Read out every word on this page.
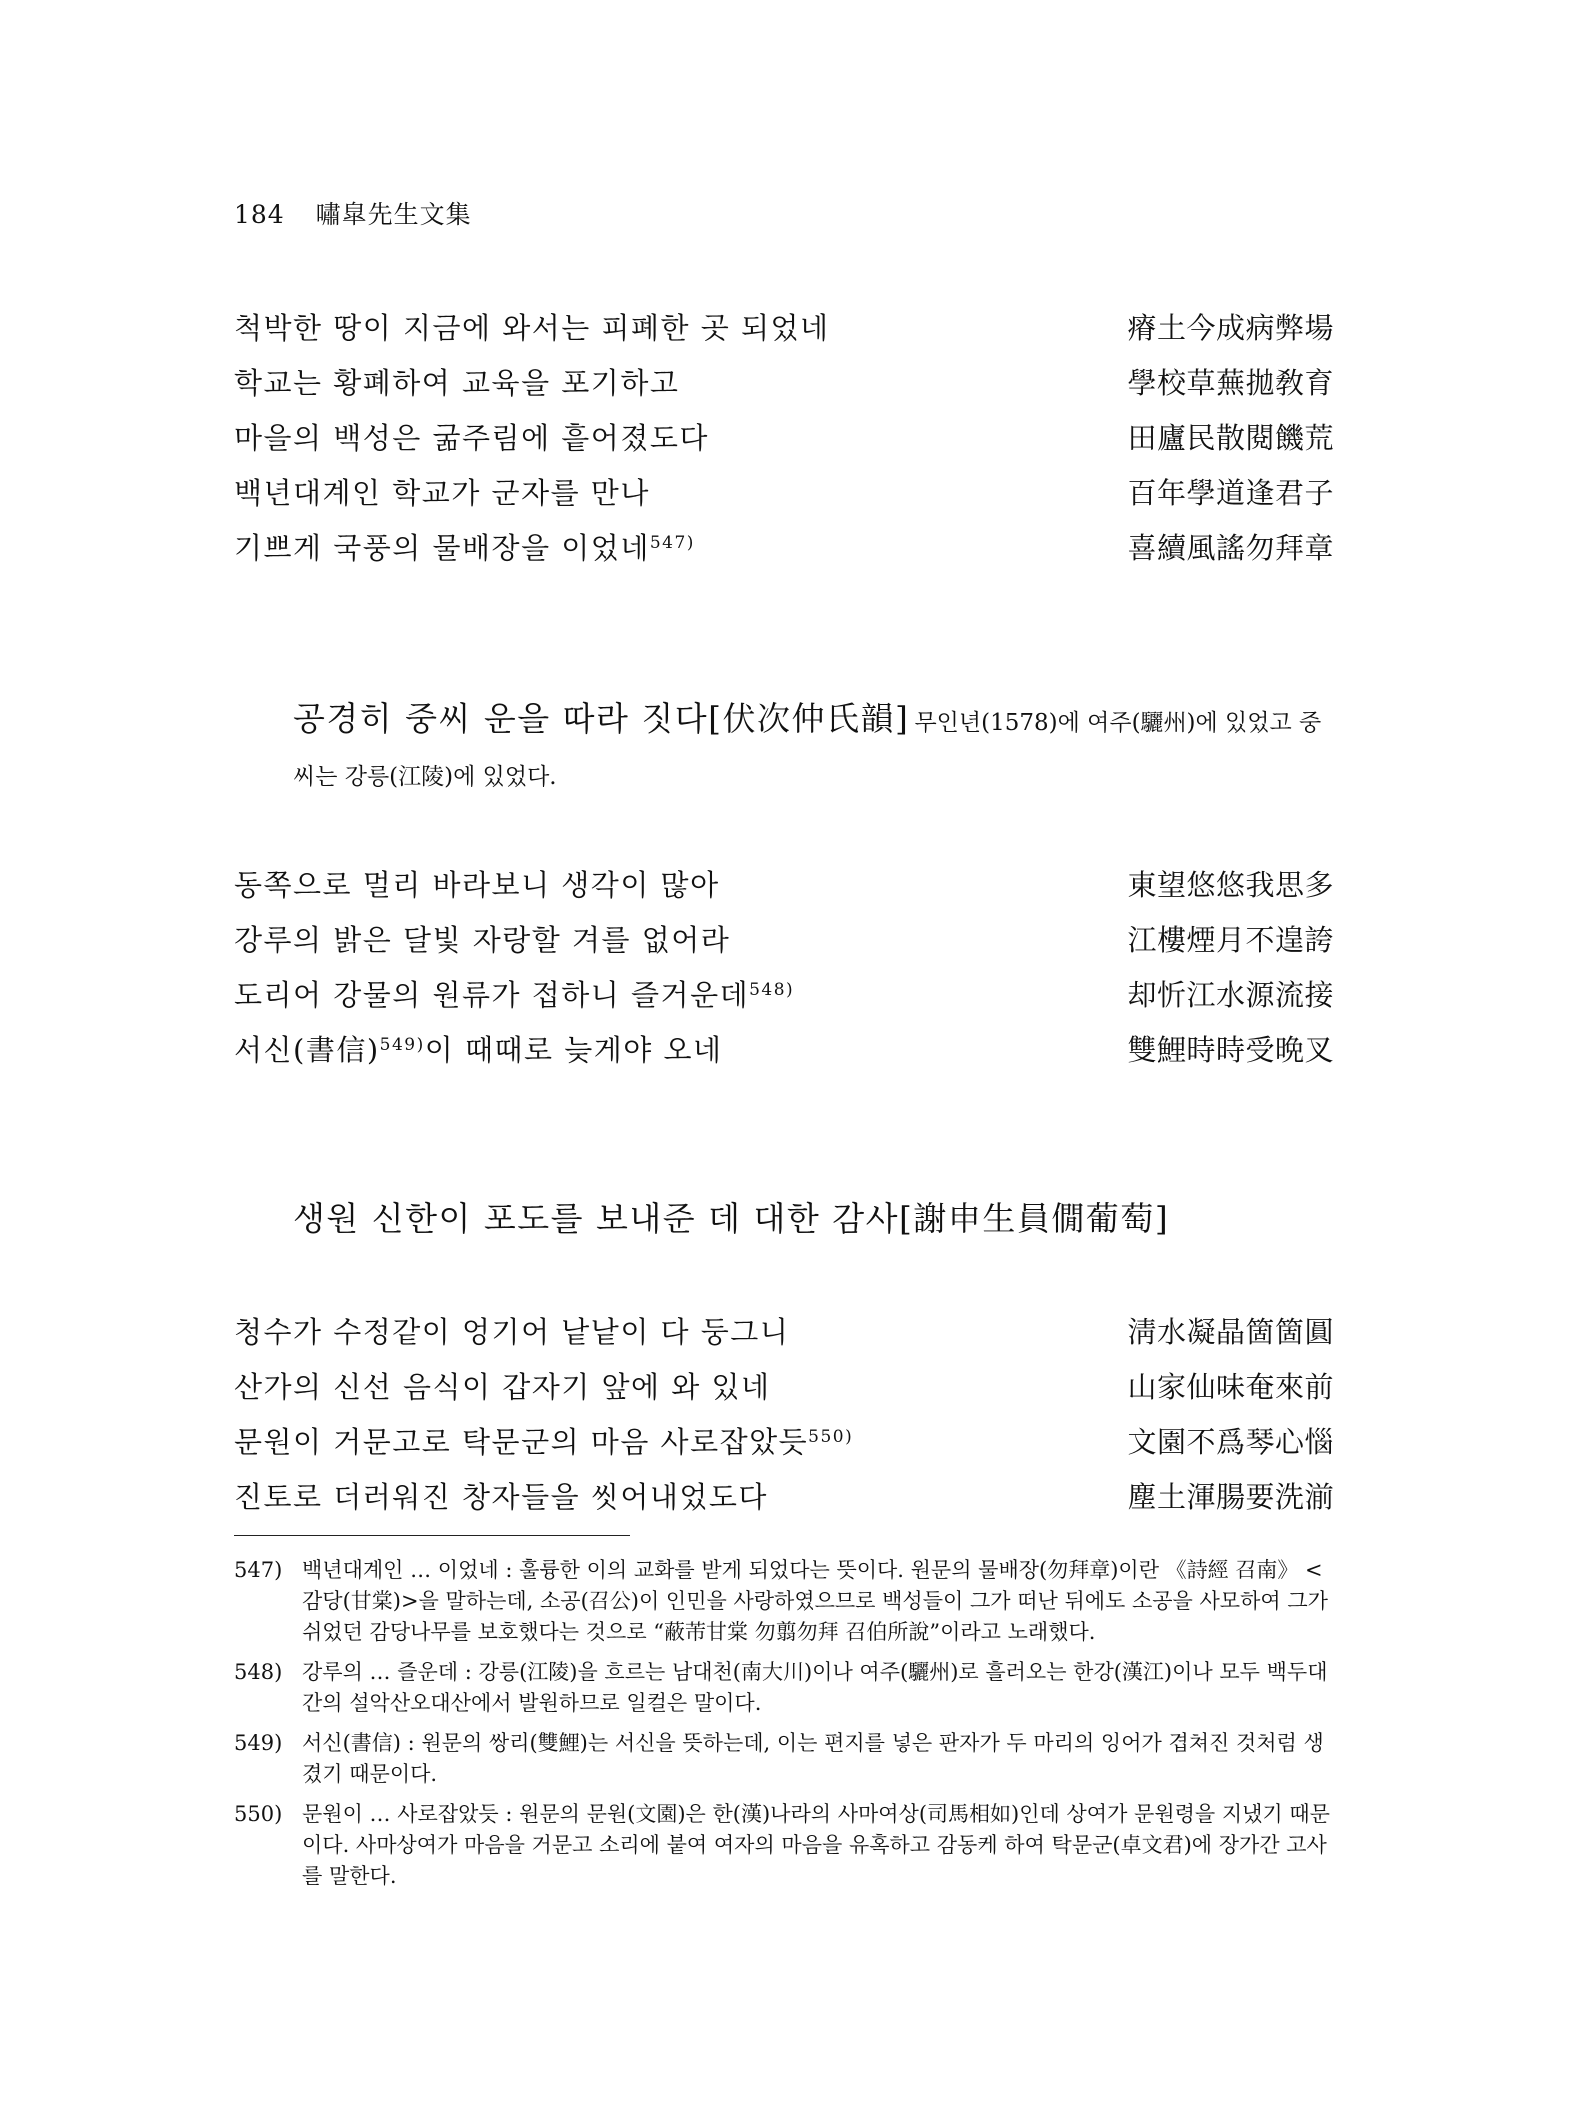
184 嘯皐先生文集
척박한 땅이 지금에 와서는 피폐한 곳 되었네	瘠土今成病弊場
학교는 황폐하여 교육을 포기하고	學校草蕪拋敎育
마을의 백성은 굶주림에 흩어졌도다	田廬民散閱饑荒
백년대계인 학교가 군자를 만나	百年學道逢君子
기쁘게 국풍의 물배장을 이었네$^{547)}$	喜續風謠勿拜章
공경히 중씨 운을 따라 짓다[伏次仲氏韻] 무인년(1578)에 여주(驪州)에 있었고 중
씨는 강릉(江陵)에 있었다.
동쪽으로 멀리 바라보니 생각이 많아	東望悠悠我思多
강루의 밝은 달빛 자랑할 겨를 없어라	江樓煙月不遑誇
도리어 강물의 원류가 접하니 즐거운데$^{548)}$	却忻江水源流接
서신(書信)$^{549)}$이 때때로 늦게야 오네	雙鯉時時受晩叉
생원 신한이 포도를 보내준 데 대한 감사[謝申生員僩葡萄]
청수가 수정같이 엉기어 낱낱이 다 둥그니	淸水凝晶箇箇圓
산가의 신선 음식이 갑자기 앞에 와 있네	山家仙味奄來前
문원이 거문고로 탁문군의 마음 사로잡았듯$^{550)}$	文園不爲琴心惱
진토로 더러워진 창자들을 씻어내었도다	塵土渾腸要洗湔
547) 백년대계인 … 이었네 : 훌륭한 이의 교화를 받게 되었다는 뜻이다. 원문의 물배장(勿拜章)이란 《詩經 召南》 <감당(甘棠)>을 말하는데, 소공(召公)이 인민을 사랑하였으므로 백성들이 그가 떠난 뒤에도 소공을 사모하여 그가 쉬었던 감당나무를 보호했다는 것으로 “蔽芾甘棠 勿翦勿拜 召伯所說”이라고 노래했다.
548) 강루의 … 즐운데 : 강릉(江陵)을 흐르는 남대천(南大川)이나 여주(驪州)로 흘러오는 한강(漢江)이나 모두 백두대간의 설악산오대산에서 발원하므로 일컬은 말이다.
549) 서신(書信) : 원문의 쌍리(雙鯉)는 서신을 뜻하는데, 이는 편지를 넣은 판자가 두 마리의 잉어가 겹쳐진 것처럼 생겼기 때문이다.
550) 문원이 … 사로잡았듯 : 원문의 문원(文園)은 한(漢)나라의 사마여상(司馬相如)인데 상여가 문원령을 지냈기 때문이다. 사마상여가 마음을 거문고 소리에 붙여 여자의 마음을 유혹하고 감동케 하여 탁문군(卓文君)에 장가간 고사를 말한다.
